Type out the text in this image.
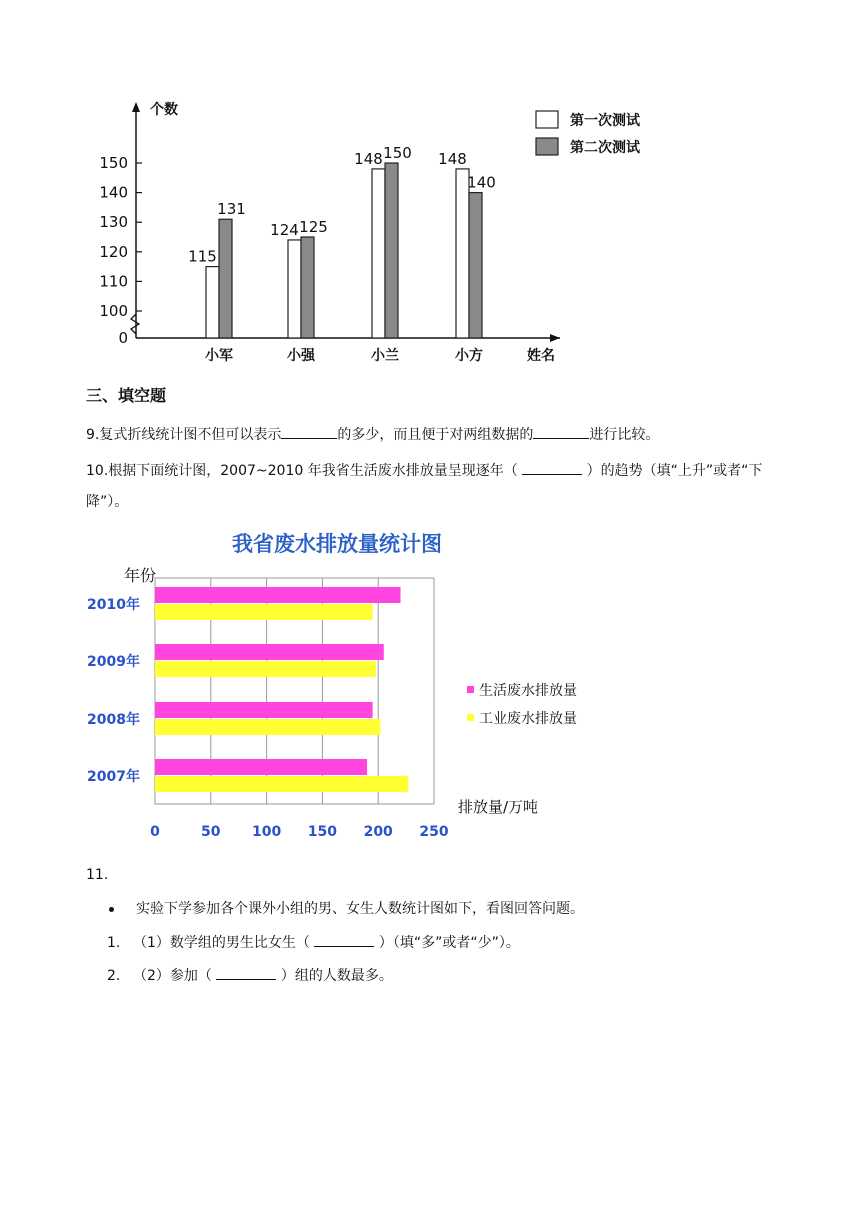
0
100
110
120
130
140
150
个数
姓名
115
131
小军
124 125
小强
148 150
小兰
148
140
小方
第一次测试
第二次测试
三、填空题
9.复式折线统计图不但可以表示	的多少，而且便于对两组数据的	进行比较。
10.根据下面统计图，2007~2010 年我省生活废水排放量呈现逐年（	）的趋势（填“上升”或者“下
降”）。
我省废水排放量统计图
年份
0	50 100 150 200 250
2010年
2009年
2008年
2007年
排放量/万吨
生活废水排放量
工业废水排放量
11.
实验下学参加各个课外小组的男、女生人数统计图如下，看图回答问题。
1. （1）数学组的男生比女生（	）（填“多”或者“少”）。
2. （2）参加（	）组的人数最多。
